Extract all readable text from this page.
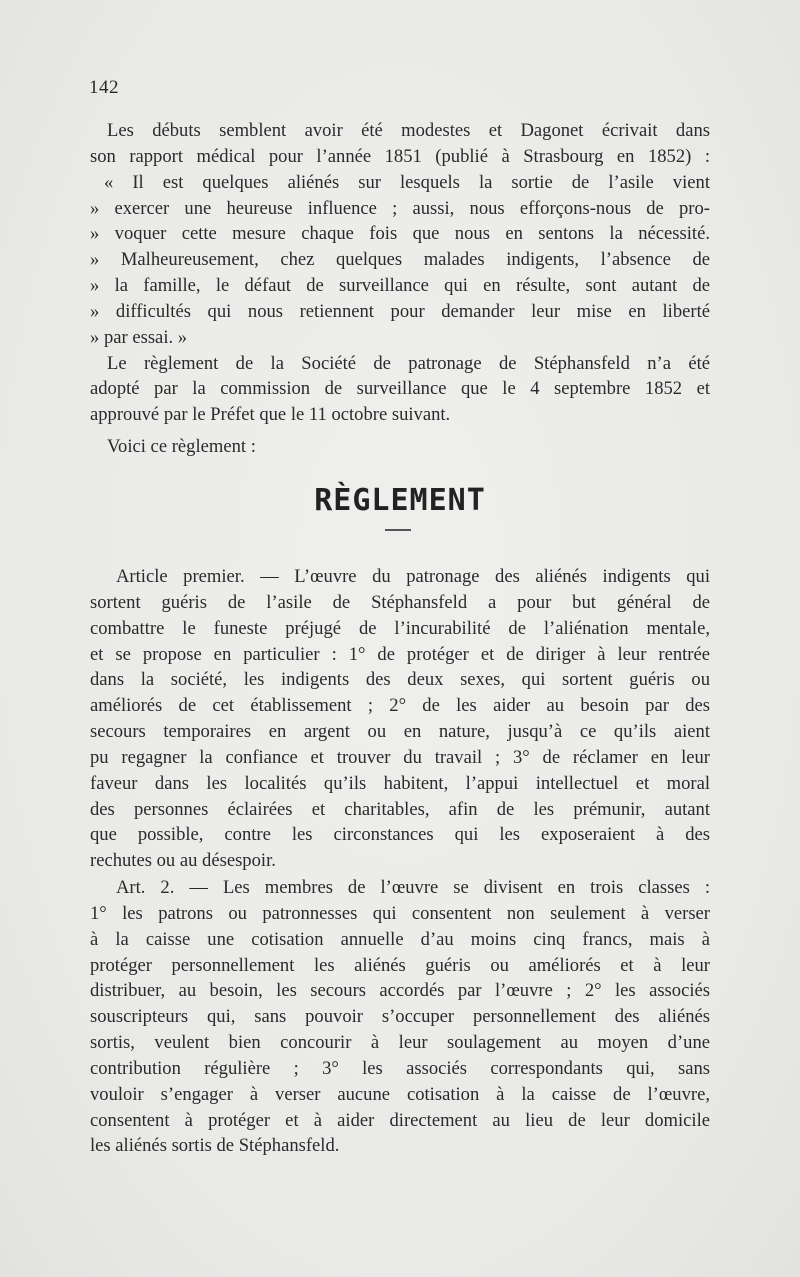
142
Les débuts semblent avoir été modestes et Dagonet écrivait dans
son rapport médical pour l’année 1851 (publié à Strasbourg en 1852) :
« Il est quelques aliénés sur lesquels la sortie de l’asile vient
» exercer une heureuse influence ; aussi, nous efforçons-nous de pro-
» voquer cette mesure chaque fois que nous en sentons la nécessité.
» Malheureusement, chez quelques malades indigents, l’absence de
» la famille, le défaut de surveillance qui en résulte, sont autant de
» difficultés qui nous retiennent pour demander leur mise en liberté
» par essai. »
Le règlement de la Société de patronage de Stéphansfeld n’a été
adopté par la commission de surveillance que le 4 septembre 1852 et
approuvé par le Préfet que le 11 octobre suivant.
Voici ce règlement :
RÈGLEMENT
Article premier. — L’œuvre du patronage des aliénés indigents qui
sortent guéris de l’asile de Stéphansfeld a pour but général de
combattre le funeste préjugé de l’incurabilité de l’aliénation mentale,
et se propose en particulier : 1° de protéger et de diriger à leur rentrée
dans la société, les indigents des deux sexes, qui sortent guéris ou
améliorés de cet établissement ; 2° de les aider au besoin par des
secours temporaires en argent ou en nature, jusqu’à ce qu’ils aient
pu regagner la confiance et trouver du travail ; 3° de réclamer en leur
faveur dans les localités qu’ils habitent, l’appui intellectuel et moral
des personnes éclairées et charitables, afin de les prémunir, autant
que possible, contre les circonstances qui les exposeraient à des
rechutes ou au désespoir.
Art. 2. — Les membres de l’œuvre se divisent en trois classes :
1° les patrons ou patronnesses qui consentent non seulement à verser
à la caisse une cotisation annuelle d’au moins cinq francs, mais à
protéger personnellement les aliénés guéris ou améliorés et à leur
distribuer, au besoin, les secours accordés par l’œuvre ; 2° les associés
souscripteurs qui, sans pouvoir s’occuper personnellement des aliénés
sortis, veulent bien concourir à leur soulagement au moyen d’une
contribution régulière ; 3° les associés correspondants qui, sans
vouloir s’engager à verser aucune cotisation à la caisse de l’œuvre,
consentent à protéger et à aider directement au lieu de leur domicile
les aliénés sortis de Stéphansfeld.
